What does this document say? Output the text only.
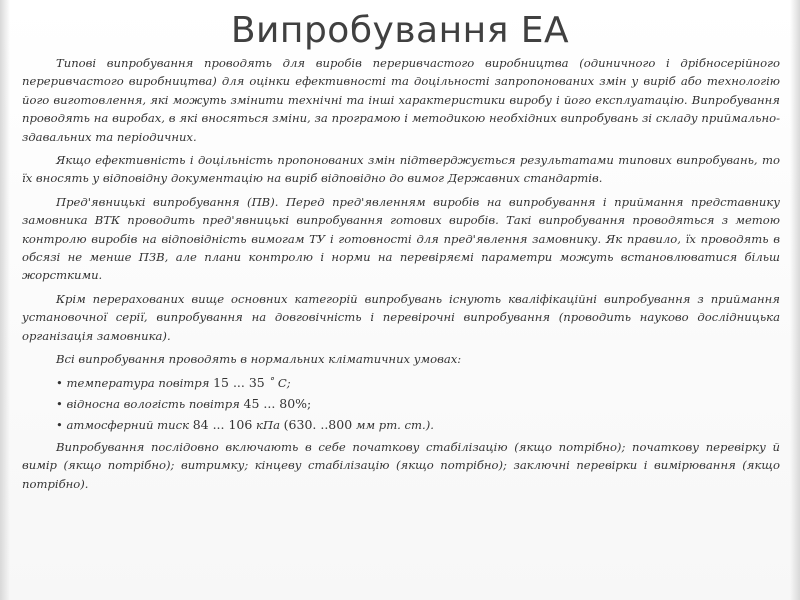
Випробування ЕА

Типові випробування проводять для виробів переривчастого виробництва (одиничного і дрібносерійного переривчастого виробництва) для оцінки ефективності та доцільності запропонованих змін у виріб або технологію його виготовлення, які можуть змінити технічні та інші характеристики виробу і його експлуатацію. Випробування проводять на виробах, в які вносяться зміни, за програмою і методикою необхідних випробувань зі складу приймально-здавальних та періодичних.

Якщо ефективність і доцільність пропонованих змін підтверджується результатами типових випробувань, то їх вносять у відповідну документацію на виріб відповідно до вимог Державних стандартів.

Пред'явницькі випробування (ПВ). Перед пред'явленням виробів на випробування і приймання представнику замовника ВТК проводить пред'явницькі випробування готових виробів. Такі випробування проводяться з метою контролю виробів на відповідність вимогам ТУ і готовності для пред'явлення замовнику. Як правило, їх проводять в обсязі не менше ПЗВ, але плани контролю і норми на перевіряємі параметри можуть встановлюватися більш жорсткими.

Крім перерахованих вище основних категорій випробувань існують кваліфікаційні випробування з приймання установочної серії, випробування на довговічність і перевірочні випробування (проводить науково дослідницька організація замовника).

Всі випробування проводять в нормальних кліматичних умовах:

• температура повітря 15 ... 35 ˚ С;

• відносна вологість повітря 45 ... 80%;

• атмосферний тиск 84 ... 106 кПа (630. ..800 мм рт. ст.).

Випробування послідовно включають в себе початкову стабілізацію (якщо потрібно); початкову перевірку й вимір (якщо потрібно); витримку; кінцеву стабілізацію (якщо потрібно); заключні перевірки і вимірювання (якщо потрібно).
